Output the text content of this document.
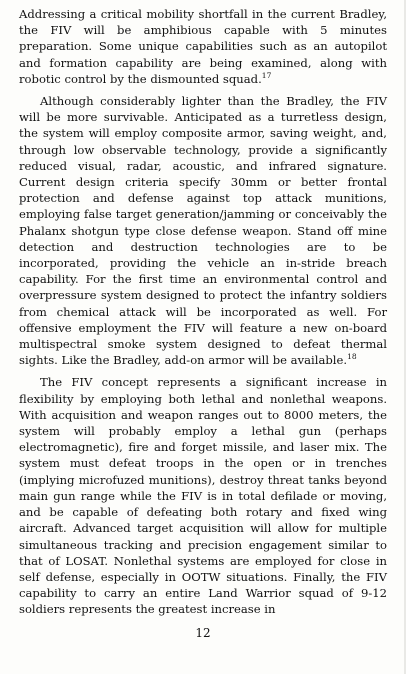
Addressing a critical mobility shortfall in the current Bradley, the FIV will be amphibious capable with 5 minutes preparation. Some unique capabilities such as an autopilot and formation capability are being examined, along with robotic control by the dismounted squad.$^{17}$

Although considerably lighter than the Bradley, the FIV will be more survivable. Anticipated as a turretless design, the system will employ composite armor, saving weight, and, through low observable technology, provide a significantly reduced visual, radar, acoustic, and infrared signature. Current design criteria specify 30mm or better frontal protection and defense against top attack munitions, employing false target generation/jamming or conceivably the Phalanx shotgun type close defense weapon. Stand off mine detection and destruction technologies are to be incorporated, providing the vehicle an in-stride breach capability. For the first time an environmental control and overpressure system designed to protect the infantry soldiers from chemical attack will be incorporated as well. For offensive employment the FIV will feature a new on-board multispectral smoke system designed to defeat thermal sights. Like the Bradley, add-on armor will be available.$^{18}$

The FIV concept represents a significant increase in flexibility by employing both lethal and nonlethal weapons. With acquisition and weapon ranges out to 8000 meters, the system will probably employ a lethal gun (perhaps electromagnetic), fire and forget missile, and laser mix. The system must defeat troops in the open or in trenches (implying microfuzed munitions), destroy threat tanks beyond main gun range while the FIV is in total defilade or moving, and be capable of defeating both rotary and fixed wing aircraft. Advanced target acquisition will allow for multiple simultaneous tracking and precision engagement similar to that of LOSAT. Nonlethal systems are employed for close in self defense, especially in OOTW situations. Finally, the FIV capability to carry an entire Land Warrior squad of 9-12 soldiers represents the greatest increase in

12
